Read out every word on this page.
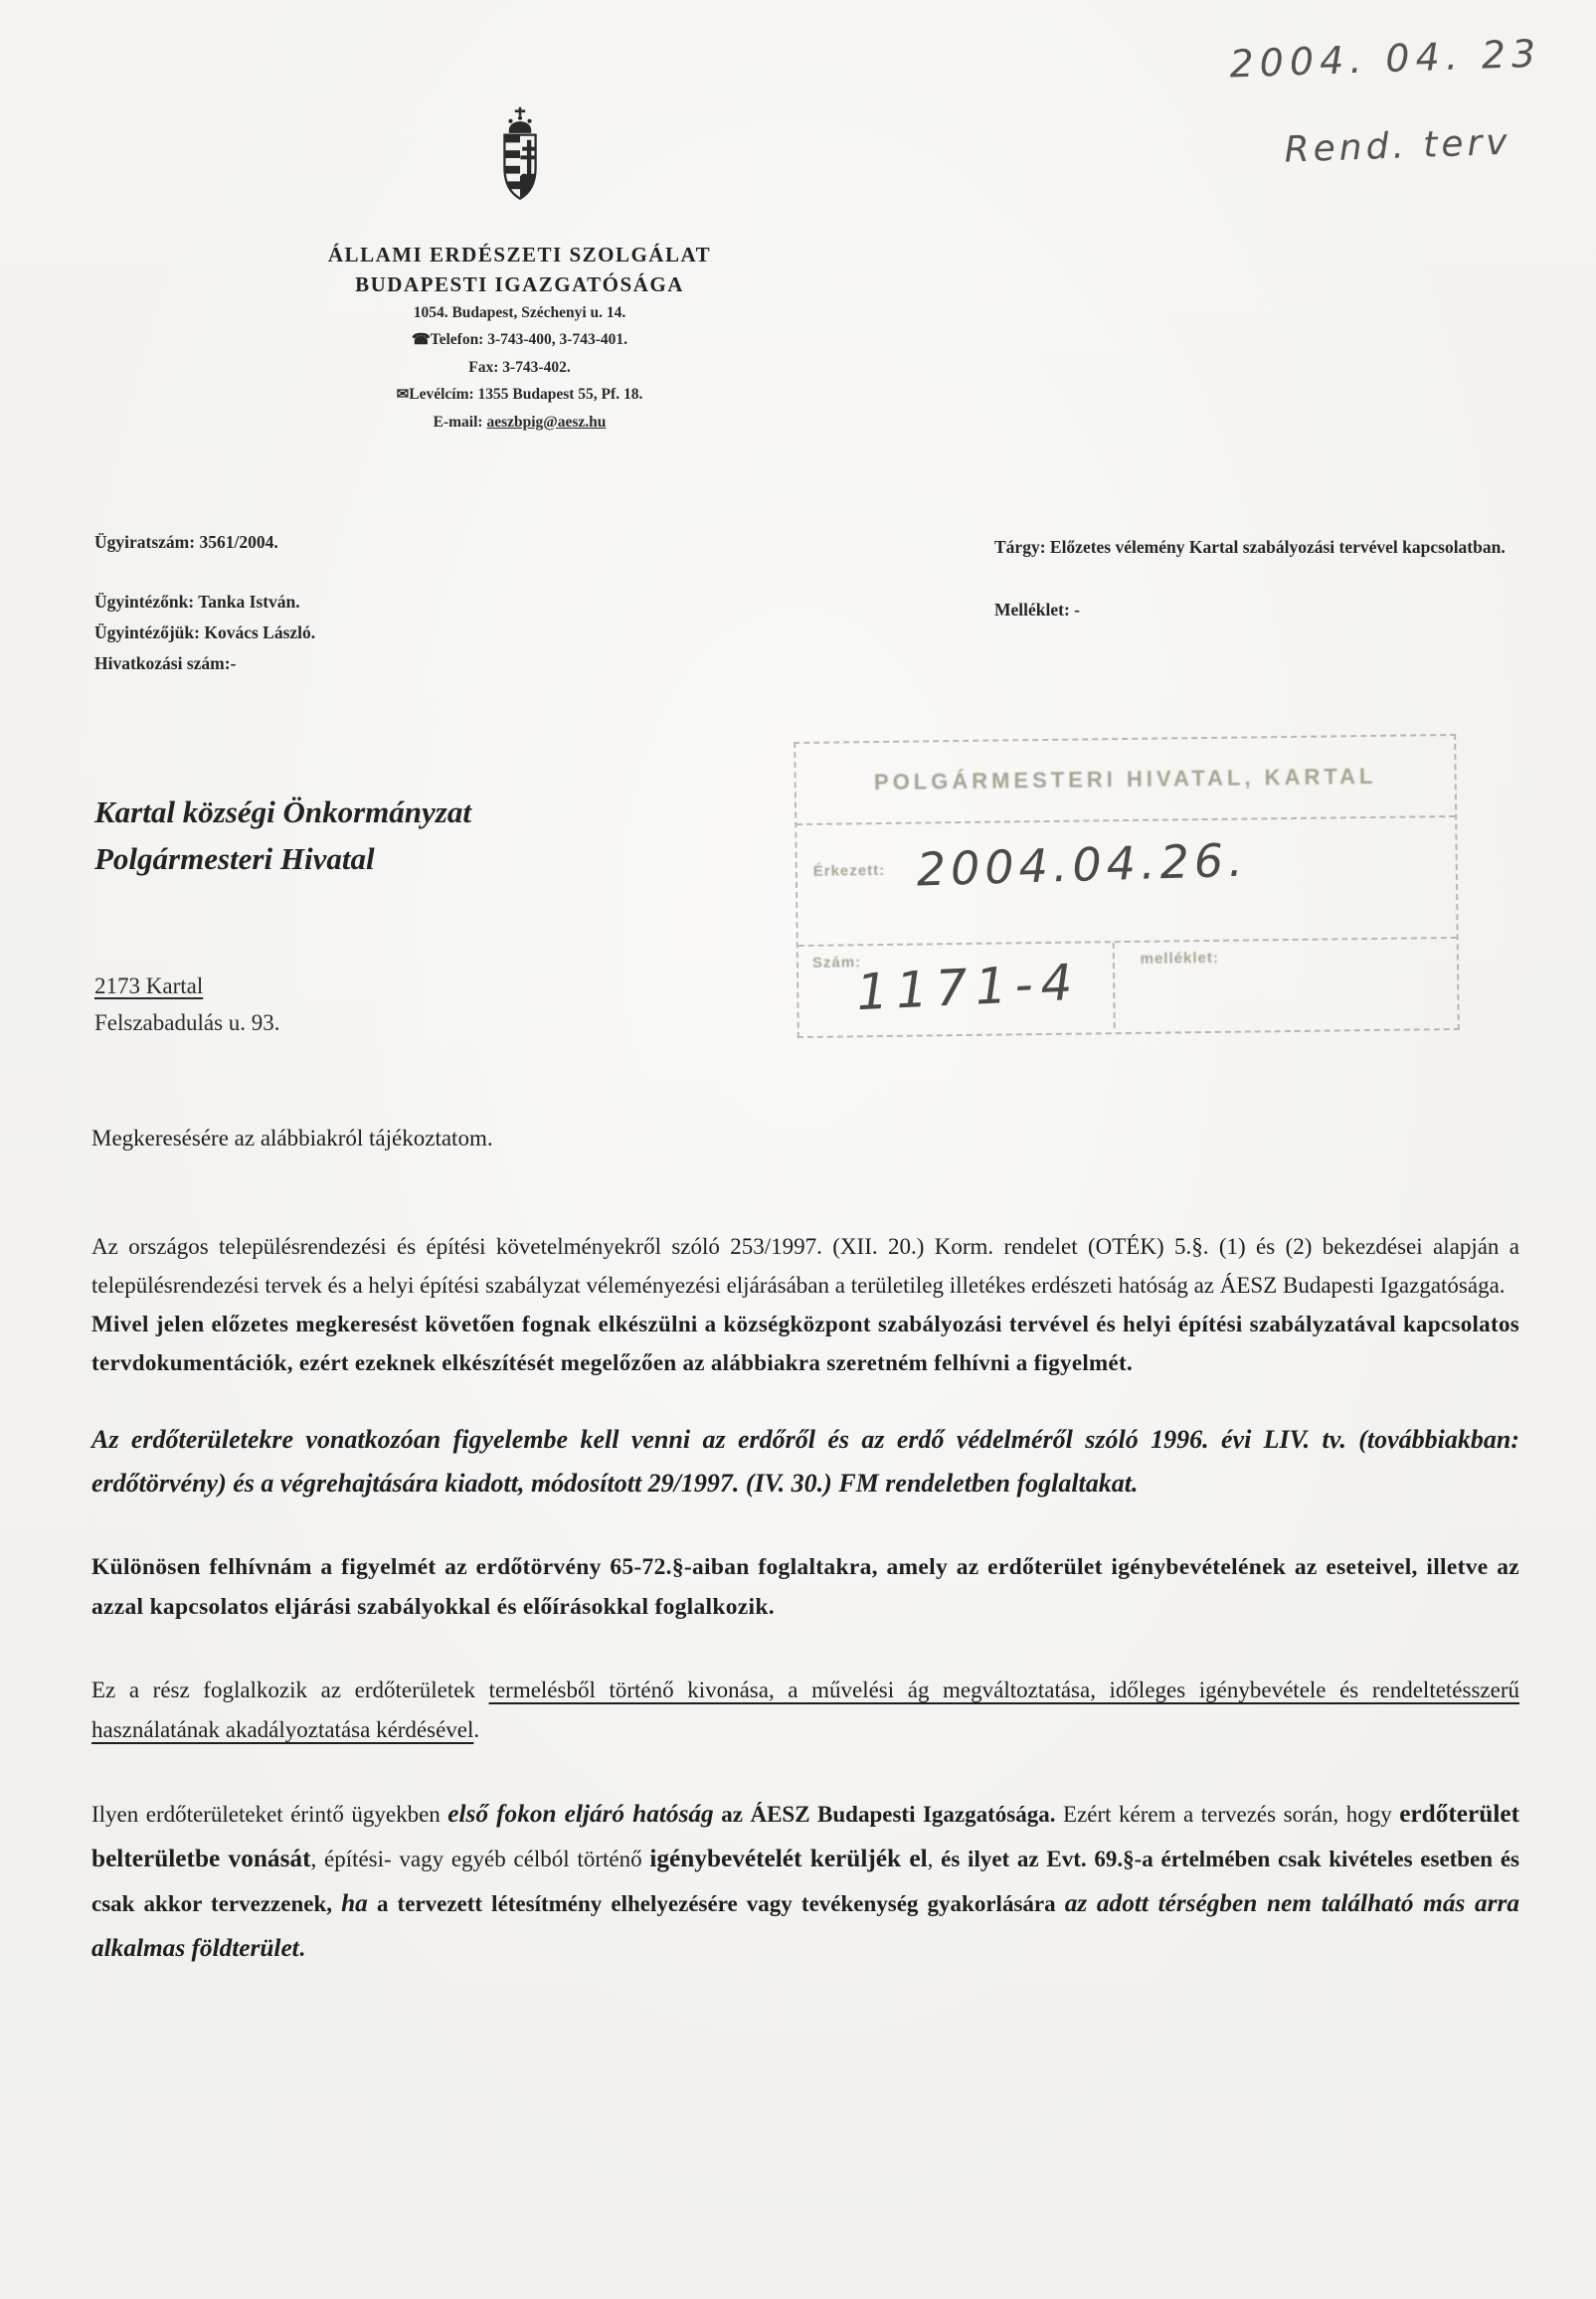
2004. 04. 23
Rend. terv
ÁLLAMI ERDÉSZETI SZOLGÁLAT
BUDAPESTI IGAZGATÓSÁGA
1054. Budapest, Széchenyi u. 14.
☎Telefon: 3-743-400, 3-743-401.
Fax: 3-743-402.
✉Levélcím: 1355 Budapest 55, Pf. 18.
E-mail: aeszbpig@aesz.hu
Ügyiratszám: 3561/2004.
Ügyintézőnk: Tanka István.
Ügyintézőjük: Kovács László.
Hivatkozási szám:-
Tárgy: Előzetes vélemény Kartal szabályozási tervével kapcsolatban.
Melléklet: -
Kartal községi Önkormányzat
Polgármesteri Hivatal
2173 Kartal
Felszabadulás u. 93.
POLGÁRMESTERI HIVATAL, KARTAL
Érkezett: 2004.04.26.
Szám:
1171-4	melléklet:

Megkeresésére az alábbiakról tájékoztatom.

Az országos településrendezési és építési követelményekről szóló 253/1997. (XII. 20.) Korm. rendelet (OTÉK) 5.§. (1) és (2) bekezdései alapján a településrendezési tervek és a helyi építési szabályzat véleményezési eljárásában a területileg illetékes erdészeti hatóság az ÁESZ Budapesti Igazgatósága.

Mivel jelen előzetes megkeresést követően fognak elkészülni a községközpont szabályozási tervével és helyi építési szabályzatával kapcsolatos tervdokumentációk, ezért ezeknek elkészítését megelőzően az alábbiakra szeretném felhívni a figyelmét.

Az erdőterületekre vonatkozóan figyelembe kell venni az erdőről és az erdő védelméről szóló 1996. évi LIV. tv. (továbbiakban: erdőtörvény) és a végrehajtására kiadott, módosított 29/1997. (IV. 30.) FM rendeletben foglaltakat.

Különösen felhívnám a figyelmét az erdőtörvény 65-72.§-aiban foglaltakra, amely az erdőterület igénybevételének az eseteivel, illetve az azzal kapcsolatos eljárási szabályokkal és előírásokkal foglalkozik.

Ez a rész foglalkozik az erdőterületek termelésből történő kivonása, a művelési ág megváltoztatása, időleges igénybevétele és rendeltetésszerű használatának akadályoztatása kérdésével.

Ilyen erdőterületeket érintő ügyekben első fokon eljáró hatóság az ÁESZ Budapesti Igazgatósága. Ezért kérem a tervezés során, hogy erdőterület belterületbe vonását, építési- vagy egyéb célból történő igénybevételét kerüljék el, és ilyet az Evt. 69.§-a értelmében csak kivételes esetben és csak akkor tervezzenek, ha a tervezett létesítmény elhelyezésére vagy tevékenység gyakorlására az adott térségben nem található más arra alkalmas földterület.
